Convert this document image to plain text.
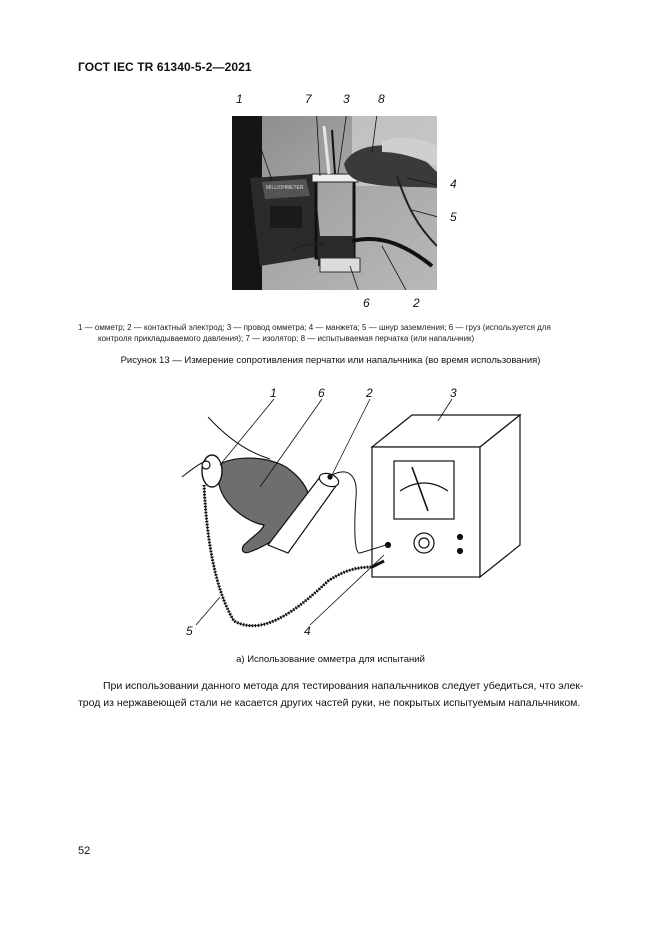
ГОСТ IEC TR 61340-5-2—2021
MILLIOHMETER
1	7	3 8
4
5
6	2
1 — омметр; 2 — контактный электрод; 3 — провод омметра; 4 — манжета; 5 — шнур заземления; 6 — груз (используется для
контроля прикладываемого давления); 7 — изолятор; 8 — испытываемая перчатка (или напальчник)
Рисунок 13 — Измерение сопротивления перчатки или напальчника (во время использования)
1	6	2	3
5	4
а) Использование омметра для испытаний
При использовании данного метода для тестирования напальчников следует убедиться, что элек-
трод из нержавеющей стали не касается других частей руки, не покрытых испытуемым напальчником.
52
